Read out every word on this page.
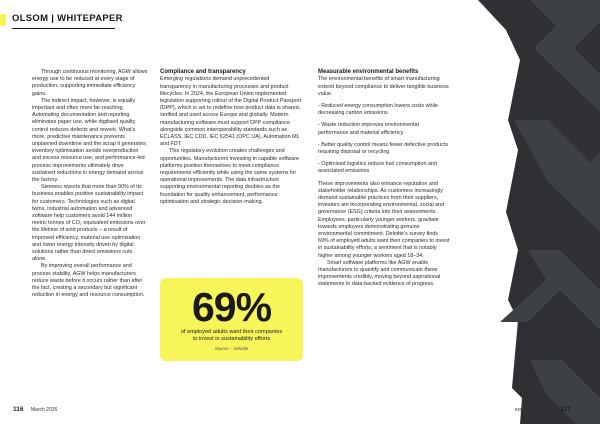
OLSOM | WHITEPAPER

Through continuous monitoring, AGW allows energy use to be reduced at every stage of production, supporting immediate efficiency gains.

The indirect impact, however, is equally important and often more far-reaching. Automating documentation and reporting eliminates paper use, while digitised quality control reduces defects and rework. What's more, predictive maintenance prevents unplanned downtime and the scrap it generates; inventory optimisation avoids overproduction and excess resource use; and performance-led process improvements ultimately drive sustained reductions in energy demand across the factory.

Siemens reports that more than 90% of its business enables positive sustainability impact for customers. Technologies such as digital twins, industrial automation and advanced software help customers avoid 144 million metric tonnes of CO₂ equivalent emissions over the lifetime of sold products – a result of improved efficiency, material use optimisation and lower energy intensity driven by digital solutions rather than direct emissions cuts alone.

By improving overall performance and process stability, AGW helps manufacturers reduce waste before it occurs rather than after the fact, creating a secondary but significant reduction in energy and resource consumption.

Compliance and transparency

Emerging regulations demand unprecedented transparency in manufacturing processes and product lifecycles. In 2024, the European Union implemented legislation supporting rollout of the Digital Product Passport (DPP), which is set to redefine how product data is shared, verified and used across Europe and globally. Modern manufacturing software must support DPP compliance alongside common interoperability standards such as ECLASS, IEC CDD, IEC 62541 (OPC UA), Automation ML and FDT.

This regulatory evolution creates challenges and opportunities. Manufacturers investing in capable software platforms position themselves to meet compliance requirements efficiently while using the same systems for operational improvements. The data infrastructure supporting environmental reporting doubles as the foundation for quality enhancement, performance optimisation and strategic decision-making.

69%
of employed adults want their companies to invest in sustainability efforts
Source – Deloitte
Measurable environmental benefits

The environmental benefits of smart manufacturing extend beyond compliance to deliver tangible business value.

- Reduced energy consumption lowers costs while decreasing carbon emissions
- Waste reduction improves environmental performance and material efficiency
- Better quality control means fewer defective products requiring disposal or recycling
- Optimised logistics reduce fuel consumption and associated emissions

These improvements also enhance reputation and stakeholder relationships. As customers increasingly demand sustainable practices from their suppliers, investors are incorporating environmental, social and governance (ESG) criteria into their assessments. Employees, particularly younger workers, gravitate towards employers demonstrating genuine environmental commitment. Deloitte's survey finds 69% of employed adults want their companies to invest in sustainability efforts, a sentiment that is notably higher among younger workers aged 18–34.

Smart software platforms like AGW enable manufacturers to quantify and communicate these improvements credibly, moving beyond aspirational statements to data-backed evidence of progress.

116 March 2026	ecmagazine.com 117
